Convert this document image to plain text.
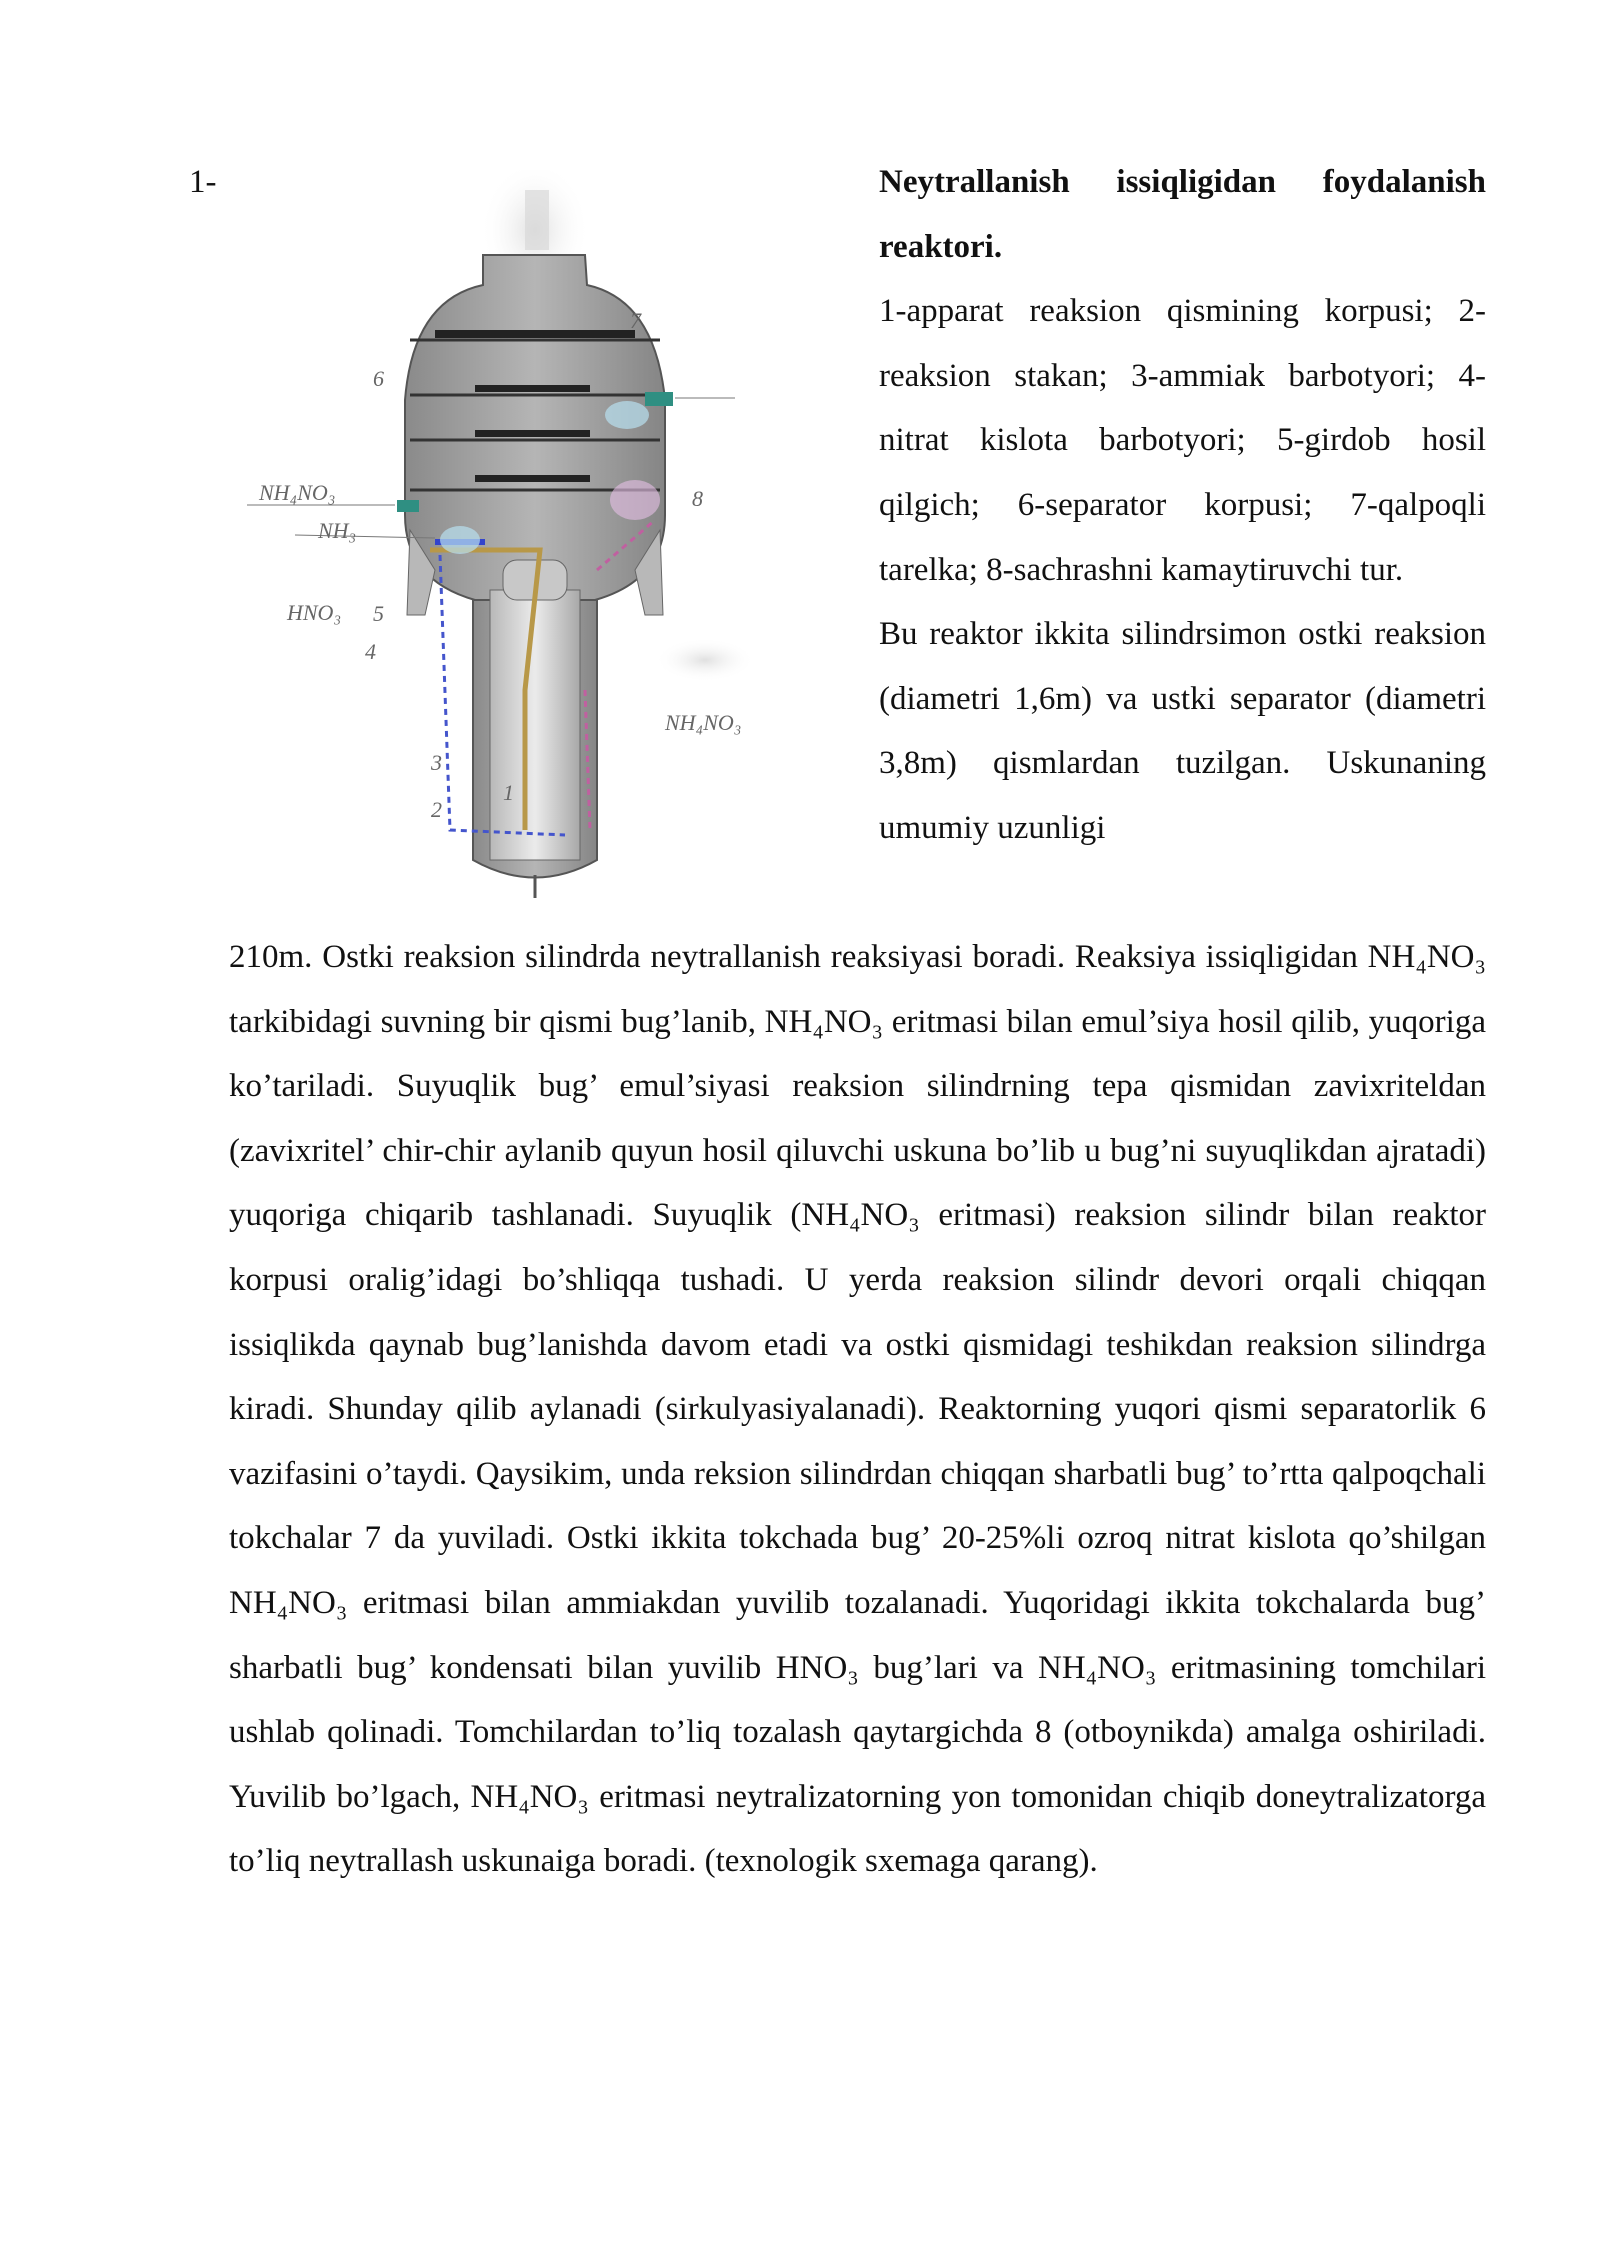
1-
NH₄NO₃
NH₃
HNO₃
NH₄NO₃
1
2
3
4
5
6
7
8
Neytrallanish issiqligidan foydalanish reaktori.

1-apparat reaksion qismining korpusi; 2-reaksion stakan; 3-ammiak barbotyori; 4-nitrat kislota barbotyori; 5-girdob hosil qilgich; 6-separator korpusi; 7-qalpoqli tarelka; 8-sachrashni kamaytiruvchi tur.

Bu reaktor ikkita silindrsimon ostki reaksion (diametri 1,6m) va ustki separator (diametri 3,8m) qismlardan tuzilgan. Uskunaning umumiy uzunligi

210m. Ostki reaksion silindrda neytrallanish reaksiyasi boradi. Reaksiya issiqligidan NH₄NO₃ tarkibidagi suvning bir qismi bug’lanib, NH₄NO₃ eritmasi bilan emul’siya hosil qilib, yuqoriga ko’tariladi. Suyuqlik bug’ emul’siyasi reaksion silindrning tepa qismidan zavixriteldan (zavixritel’ chir-chir aylanib quyun hosil qiluvchi uskuna bo’lib u bug’ni suyuqlikdan ajratadi) yuqoriga chiqarib tashlanadi. Suyuqlik (NH₄NO₃ eritmasi) reaksion silindr bilan reaktor korpusi oralig’idagi bo’shliqqa tushadi. U yerda reaksion silindr devori orqali chiqqan issiqlikda qaynab bug’lanishda davom etadi va ostki qismidagi teshikdan reaksion silindrga kiradi. Shunday qilib aylanadi (sirkulyasiyalanadi). Reaktorning yuqori qismi separatorlik 6 vazifasini o’taydi. Qaysikim, unda reksion silindrdan chiqqan sharbatli bug’ to’rtta qalpoqchali tokchalar 7 da yuviladi. Ostki ikkita tokchada bug’ 20-25%li ozroq nitrat kislota qo’shilgan NH₄NO₃ eritmasi bilan ammiakdan yuvilib tozalanadi. Yuqoridagi ikkita tokchalarda bug’ sharbatli bug’ kondensati bilan yuvilib HNO₃ bug’lari va NH₄NO₃ eritmasining tomchilari ushlab qolinadi. Tomchilardan to’liq tozalash qaytargichda 8 (otboynikda) amalga oshiriladi. Yuvilib bo’lgach, NH₄NO₃ eritmasi neytralizatorning yon tomonidan chiqib doneytralizatorga to’liq neytrallash uskunaiga boradi. (texnologik sxemaga qarang).
